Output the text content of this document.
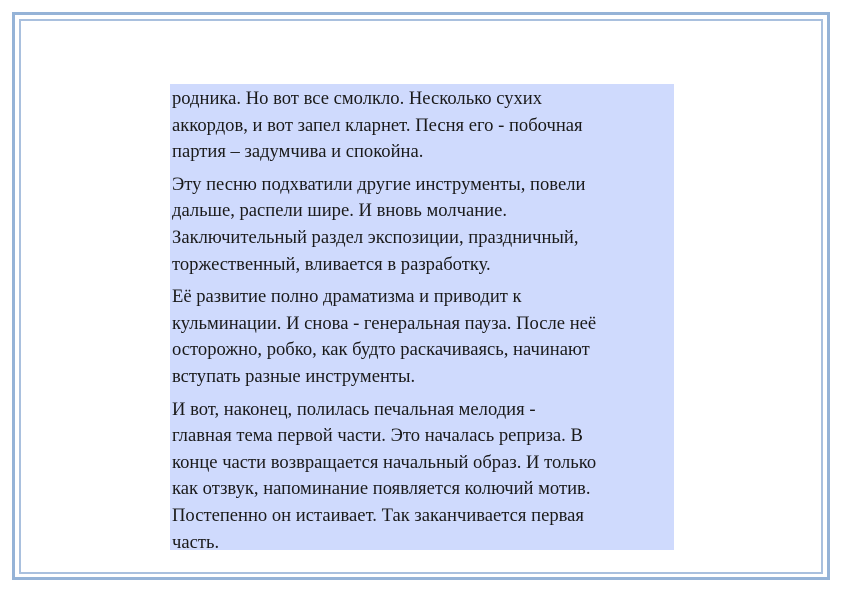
родника. Но вот все смолкло. Несколько сухих
аккордов, и вот запел кларнет. Песня его - побочная
партия – задумчива и спокойна.

Эту песню подхватили другие инструменты, повели
дальше, распели шире. И вновь молчание.
Заключительный раздел экспозиции, праздничный,
торжественный, вливается в разработку.

Её развитие полно драматизма и приводит к
кульминации. И снова - генеральная пауза. После неё
осторожно, робко, как будто раскачиваясь, начинают
вступать разные инструменты.

И вот, наконец, полилась печальная мелодия -
главная тема первой части. Это началась реприза. В
конце части возвращается начальный образ. И только
как отзвук, напоминание появляется колючий мотив.
Постепенно он истаивает. Так заканчивается первая
часть.
